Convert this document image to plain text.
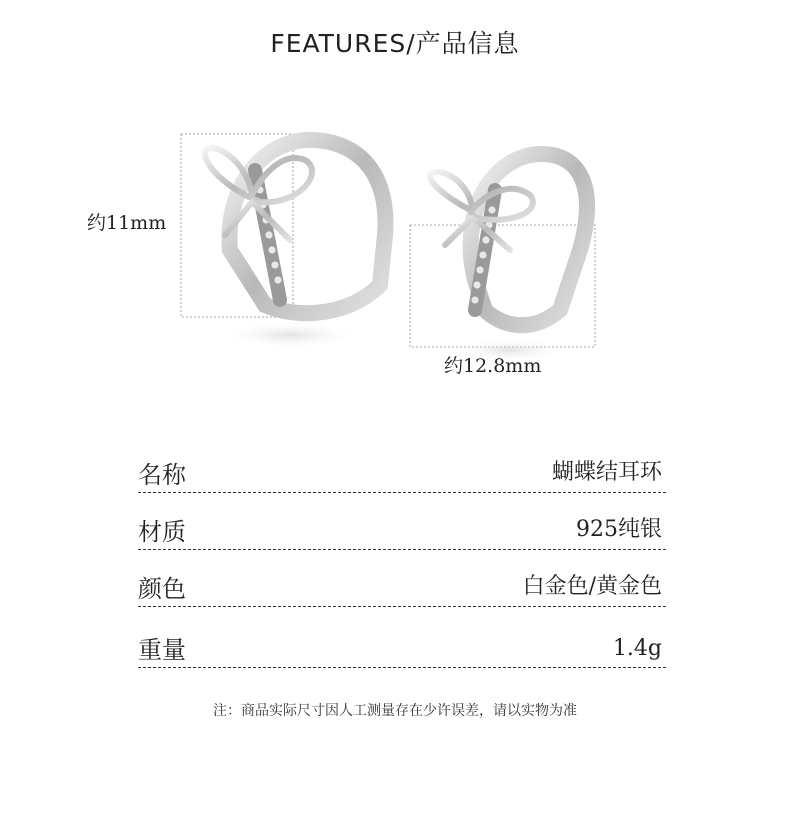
FEATURES/产品信息
约11mm
约12.8mm
名称	蝴蝶结耳环
材质	925纯银
颜色	白金色/黄金色
重量	1.4g
注：商品实际尺寸因人工测量存在少许误差，请以实物为准
